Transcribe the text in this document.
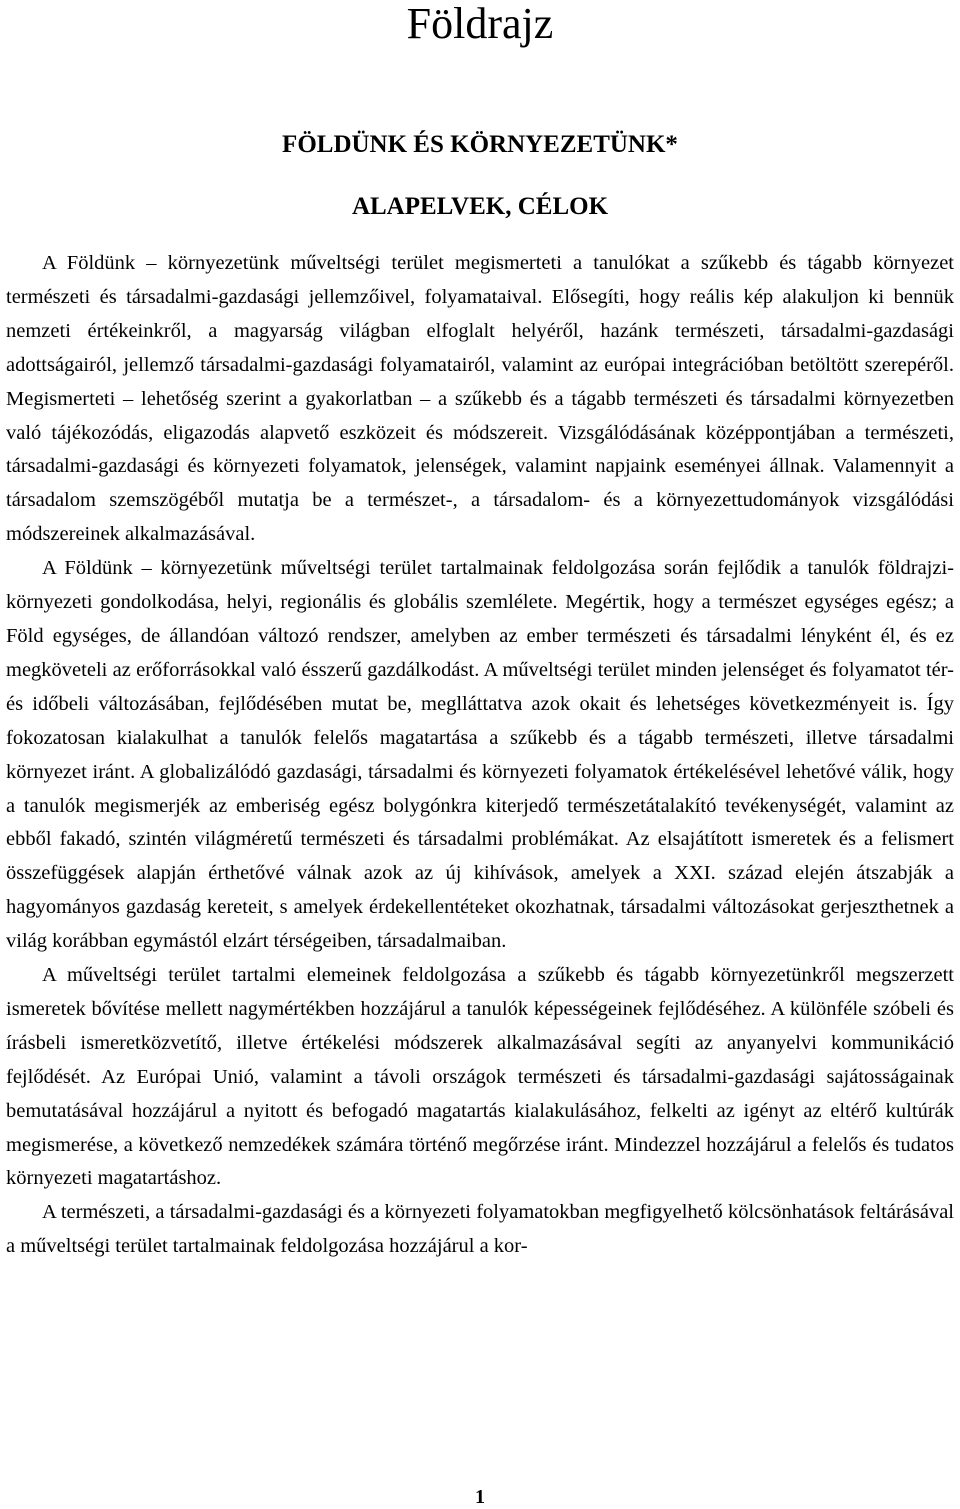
Földrajz
FÖLDÜNK ÉS KÖRNYEZETÜNK*
ALAPELVEK, CÉLOK

A Földünk – környezetünk műveltségi terület megismerteti a tanulókat a szűkebb és tágabb környezet természeti és társadalmi-gazdasági jellemzőivel, folyamataival. Elősegíti, hogy reális kép alakuljon ki bennük nemzeti értékeinkről, a magyarság világban elfoglalt helyéről, hazánk természeti, társadalmi-gazdasági adottságairól, jellemző társadalmi-gazdasági folyamatairól, valamint az európai integrációban betöltött szerepéről. Megismerteti – lehetőség szerint a gyakorlatban – a szűkebb és a tágabb természeti és társadalmi környezetben való tájékozódás, eligazodás alapvető eszközeit és módszereit. Vizsgálódásának középpontjában a természeti, társadalmi-gazdasági és környezeti folyamatok, jelenségek, valamint napjaink eseményei állnak. Valamennyit a társadalom szemszögéből mutatja be a természet-, a társadalom- és a környezettudományok vizsgálódási módszereinek alkalmazásával.

A Földünk – környezetünk műveltségi terület tartalmainak feldolgozása során fejlődik a tanulók földrajzi-környezeti gondolkodása, helyi, regionális és globális szemlélete. Megértik, hogy a természet egységes egész; a Föld egységes, de állandóan változó rendszer, amelyben az ember természeti és társadalmi lényként él, és ez megköveteli az erőforrásokkal való ésszerű gazdálkodást. A műveltségi terület minden jelenséget és folyamatot tér- és időbeli változásában, fejlődésében mutat be, meglláttatva azok okait és lehetséges következményeit is. Így fokozatosan kialakulhat a tanulók felelős magatartása a szűkebb és a tágabb természeti, illetve társadalmi környezet iránt. A globalizálódó gazdasági, társadalmi és környezeti folyamatok értékelésével lehetővé válik, hogy a tanulók megismerjék az emberiség egész bolygónkra kiterjedő természetátalakító tevékenységét, valamint az ebből fakadó, szintén világméretű természeti és társadalmi problémákat. Az elsajátított ismeretek és a felismert összefüggések alapján érthetővé válnak azok az új kihívások, amelyek a XXI. század elején átszabják a hagyományos gazdaság kereteit, s amelyek érdekellentéteket okozhatnak, társadalmi változásokat gerjeszthetnek a világ korábban egymástól elzárt térségeiben, társadalmaiban.

A műveltségi terület tartalmi elemeinek feldolgozása a szűkebb és tágabb környezetünkről megszerzett ismeretek bővítése mellett nagymértékben hozzájárul a tanulók képességeinek fejlődéséhez. A különféle szóbeli és írásbeli ismeretközvetítő, illetve értékelési módszerek alkalmazásával segíti az anyanyelvi kommunikáció fejlődését. Az Európai Unió, valamint a távoli országok természeti és társadalmi-gazdasági sajátosságainak bemutatásával hozzájárul a nyitott és befogadó magatartás kialakulásához, felkelti az igényt az eltérő kultúrák megismerése, a következő nemzedékek számára történő megőrzése iránt. Mindezzel hozzájárul a felelős és tudatos környezeti magatartáshoz.

A természeti, a társadalmi-gazdasági és a környezeti folyamatokban megfigyelhető kölcsönhatások feltárásával a műveltségi terület tartalmainak feldolgozása hozzájárul a kor-

1
